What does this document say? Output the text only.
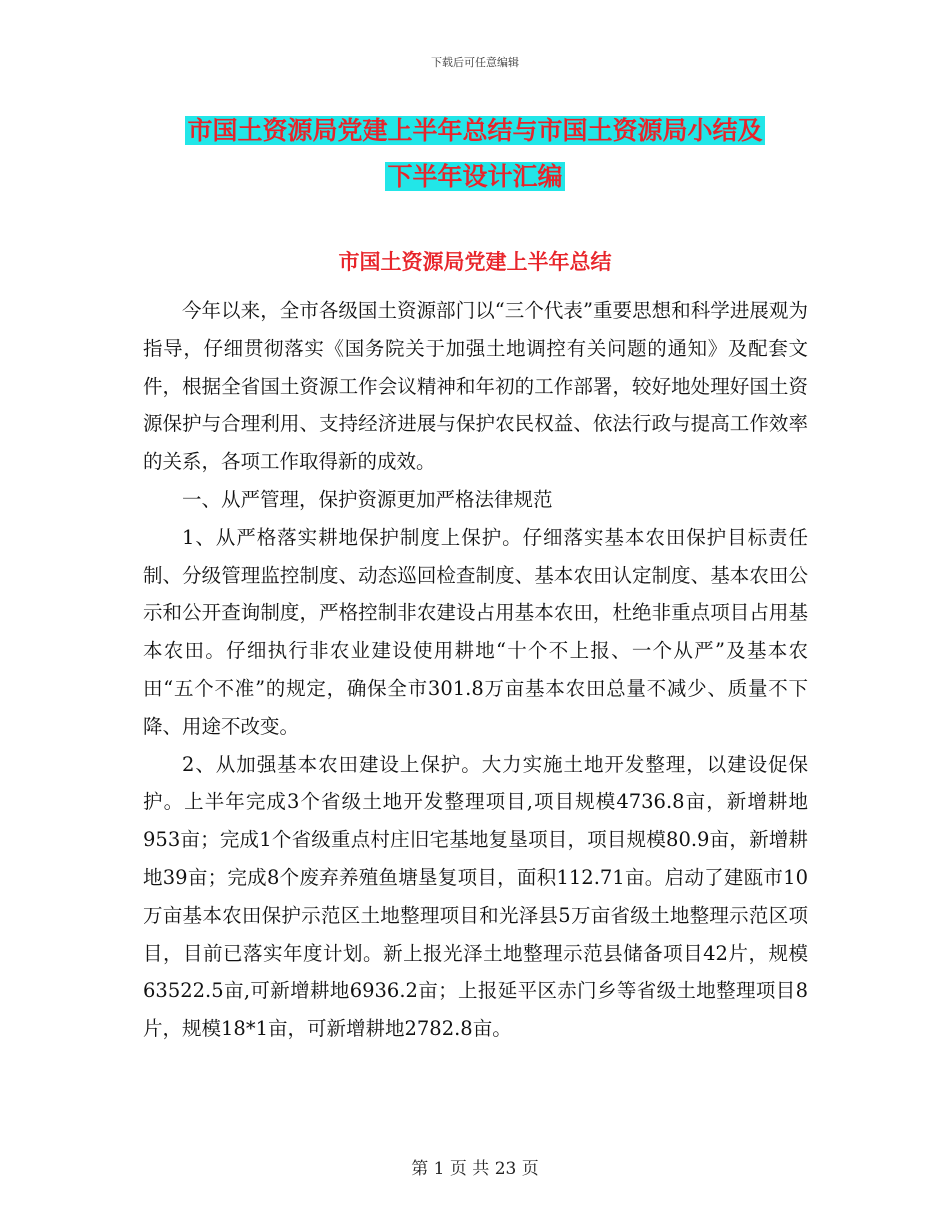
下载后可任意编辑
市国土资源局党建上半年总结与市国土资源局小结及
下半年设计汇编
市国土资源局党建上半年总结

今年以来，全市各级国土资源部门以“三个代表”重要思想和科学进展观为指导，仔细贯彻落实《国务院关于加强土地调控有关问题的通知》及配套文件，根据全省国土资源工作会议精神和年初的工作部署，较好地处理好国土资源保护与合理利用、支持经济进展与保护农民权益、依法行政与提高工作效率的关系，各项工作取得新的成效。

一、从严管理，保护资源更加严格法律规范

1、从严格落实耕地保护制度上保护。仔细落实基本农田保护目标责任制、分级管理监控制度、动态巡回检查制度、基本农田认定制度、基本农田公示和公开查询制度，严格控制非农建设占用基本农田，杜绝非重点项目占用基本农田。仔细执行非农业建设使用耕地“十个不上报、一个从严”及基本农田“五个不准”的规定，确保全市301.8万亩基本农田总量不减少、质量不下降、用途不改变。

2、从加强基本农田建设上保护。大力实施土地开发整理，以建设促保护。上半年完成3个省级土地开发整理项目,项目规模4736.8亩，新增耕地953亩；完成1个省级重点村庄旧宅基地复垦项目，项目规模80.9亩，新增耕地39亩；完成8个废弃养殖鱼塘垦复项目，面积112.71亩。启动了建瓯市10万亩基本农田保护示范区土地整理项目和光泽县5万亩省级土地整理示范区项目，目前已落实年度计划。新上报光泽土地整理示范县储备项目42片，规模63522.5亩,可新增耕地6936.2亩；上报延平区赤门乡等省级土地整理项目8片，规模18*1亩，可新增耕地2782.8亩。

第 1 页 共 23 页
